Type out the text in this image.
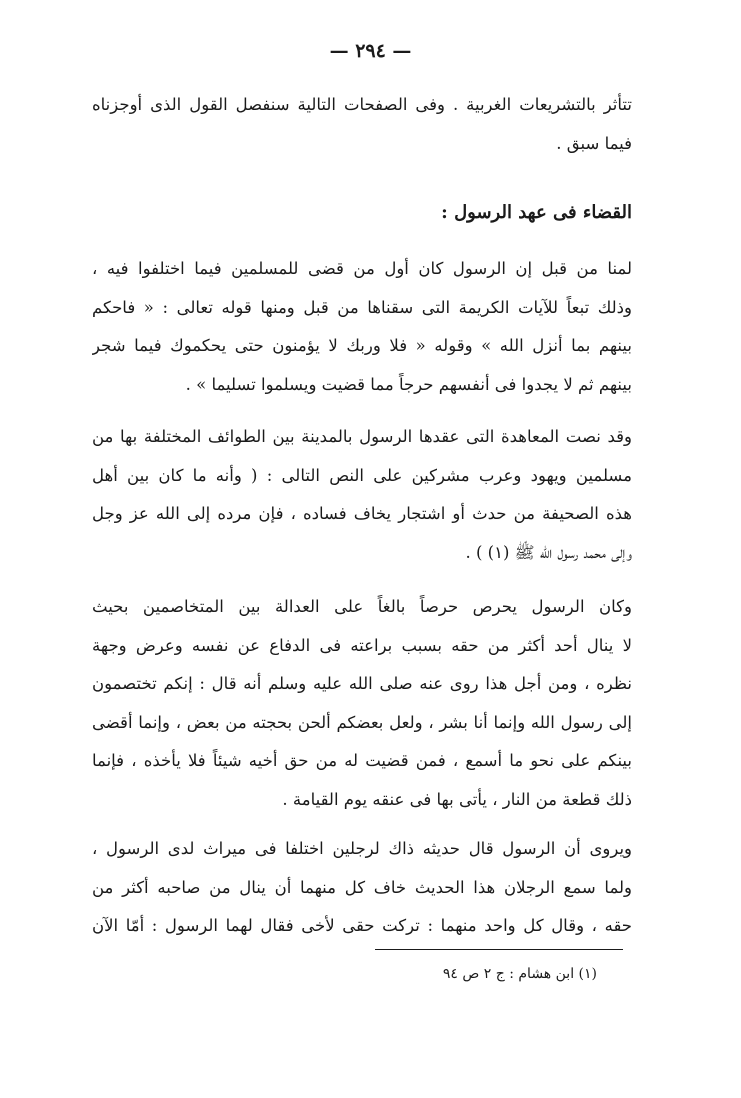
— ٢٩٤ —
تتأثر بالتشريعات الغربية . وفى الصفحات التالية سنفصل القول الذى أوجزناه
فيما سبق .
القضاء فى عهد الرسول :
لمنا من قبل إن الرسول كان أول من قضى للمسلمين فيما اختلفوا فيه ،
وذلك تبعاً للآيات الكريمة التى سقناها من قبل ومنها قوله تعالى : « فاحكم
بينهم بما أنزل الله » وقوله « فلا وربك لا يؤمنون حتى يحكموك فيما شجر
بينهم ثم لا يجدوا فى أنفسهم حرجاً مما قضيت ويسلموا تسليما » .
وقد نصت المعاهدة التى عقدها الرسول بالمدينة بين الطوائف المختلفة بها من
مسلمين ويهود وعرب مشركين على النص التالى : ( وأنه ما كان بين أهل
هذه الصحيفة من حدث أو اشتجار يخاف فساده ، فإن مرده إلى الله عز وجل
وإلى محمد رسول الله ﷺ (١) ) .
وكان الرسول يحرص حرصاً بالغاً على العدالة بين المتخاصمين بحيث
لا ينال أحد أكثر من حقه بسبب براعته فى الدفاع عن نفسه وعرض وجهة
نظره ، ومن أجل هذا روى عنه صلى الله عليه وسلم أنه قال : إنكم تختصمون
إلى رسول الله وإنما أنا بشر ، ولعل بعضكم ألحن بحجته من بعض ، وإنما أقضى
بينكم على نحو ما أسمع ، فمن قضيت له من حق أخيه شيئاً فلا يأخذه ، فإنما
ذلك قطعة من النار ، يأتى بها فى عنقه يوم القيامة .
ويروى أن الرسول قال حديثه ذاك لرجلين اختلفا فى ميراث لدى الرسول ،
ولما سمع الرجلان هذا الحديث خاف كل منهما أن ينال من صاحبه أكثر من
حقه ، وقال كل واحد منهما : تركت حقى لأخى فقال لهما الرسول : أمّا الآن
(١) ابن هشام : ج ٢ ص ٩٤
